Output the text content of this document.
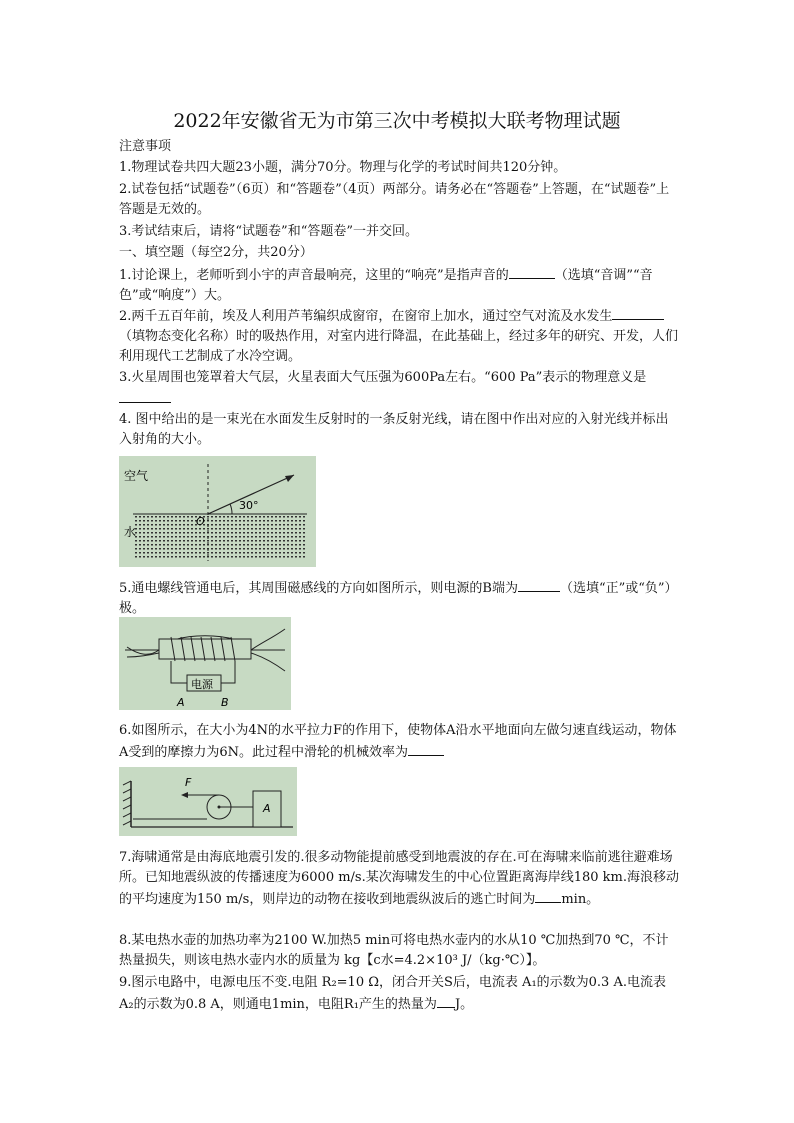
2022年安徽省无为市第三次中考模拟大联考物理试题
注意事项
1.物理试卷共四大题23小题，满分70分。物理与化学的考试时间共120分钟。
2.试卷包括“试题卷”（6页）和“答题卷”（4页）两部分。请务必在“答题卷”上答题，在“试题卷”上答题是无效的。
3.考试结束后，请将“试题卷”和“答题卷”一并交回。
一、填空题（每空2分，共20分）
1.讨论课上，老师听到小宇的声音最响亮，这里的“响亮”是指声音的	（选填“音调”“音色”或“响度”）大。
2.两千五百年前，埃及人利用芦苇编织成窗帘，在窗帘上加水，通过空气对流及水发生（填物态变化名称）时的吸热作用，对室内进行降温，在此基础上，经过多年的研究、开发，人们利用现代工艺制成了水冷空调。
3.火星周围也笼罩着大气层，火星表面大气压强为600Pa左右。“600 Pa”表示的物理意义是
4. 图中给出的是一束光在水面发生反射时的一条反射光线，请在图中作出对应的入射光线并标出入射角的大小。
空气
水
30°
O
5.通电螺线管通电后，其周围磁感线的方向如图所示，则电源的B端为	（选填“正”或“负”）极。
电源
A	B
6.如图所示，在大小为4N的水平拉力F的作用下，使物体A沿水平地面向左做匀速直线运动，物体A受到的摩擦力为6N。此过程中滑轮的机械效率为
F
A
7.海啸通常是由海底地震引发的.很多动物能提前感受到地震波的存在.可在海啸来临前逃往避难场所。已知地震纵波的传播速度为6000 m/s.某次海啸发生的中心位置距离海岸线180 km.海浪移动的平均速度为150 m/s，则岸边的动物在接收到地震纵波后的逃亡时间为 min。
8.某电热水壶的加热功率为2100 W.加热5 min可将电热水壶内的水从10 ℃加热到70 ℃，不计热量损失，则该电热水壶内水的质量为 kg【c水=4.2×10³ J/（kg·℃）】。
9.图示电路中，电源电压不变.电阻 R₂=10 Ω，闭合开关S后，电流表 A₁的示数为0.3 A.电流表 A₂的示数为0.8 A，则通电1min，电阻R₁产生的热量为 J。
